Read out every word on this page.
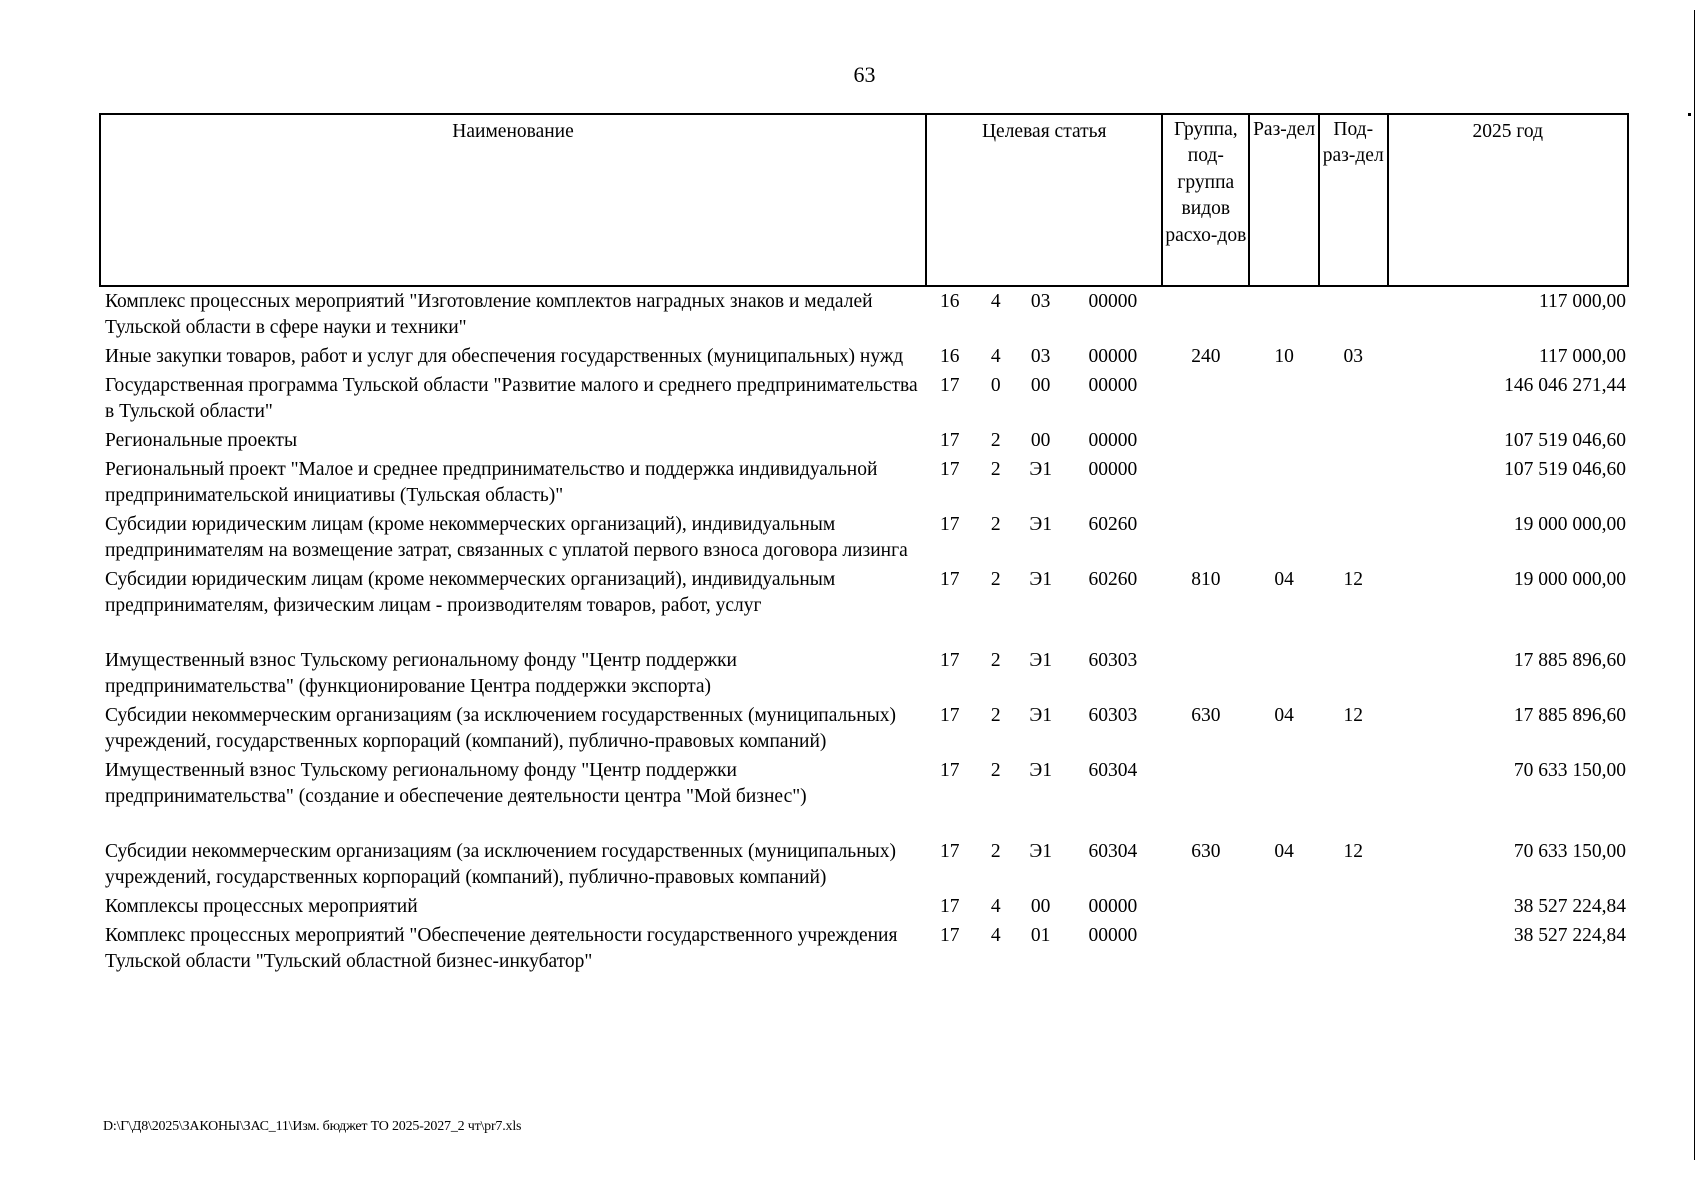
63
Наименование	Целевая статья				Группа, под-группа видов расхо-дов	Раз-дел	Под-раз-дел	2025 год
Комплекс процессных мероприятий "Изготовление комплектов наградных знаков и медалей Тульской области в сфере науки и техники"	16	4	03	00000				117 000,00
Иные закупки товаров, работ и услуг для обеспечения государственных (муниципальных) нужд	16	4	03	00000	240	10	03	117 000,00
Государственная программа Тульской области "Развитие малого и среднего предпринимательства в Тульской области"	17	0	00	00000				146 046 271,44
Региональные проекты	17	2	00	00000				107 519 046,60
Региональный проект "Малое и среднее предпринимательство и поддержка индивидуальной предпринимательской инициативы (Тульская область)"	17	2	Э1	00000				107 519 046,60
Субсидии юридическим лицам (кроме некоммерческих организаций), индивидуальным предпринимателям на возмещение затрат, связанных с уплатой первого взноса договора лизинга	17	2	Э1	60260				19 000 000,00
Субсидии юридическим лицам (кроме некоммерческих организаций), индивидуальным предпринимателям, физическим лицам - производителям товаров, работ, услуг	17	2	Э1	60260	810	04	12	19 000 000,00
Имущественный взнос Тульскому региональному фонду "Центр поддержки предпринимательства" (функционирование Центра поддержки экспорта)	17	2	Э1	60303				17 885 896,60
Субсидии некоммерческим организациям (за исключением государственных (муниципальных) учреждений, государственных корпораций (компаний), публично-правовых компаний)	17	2	Э1	60303	630	04	12	17 885 896,60
Имущественный взнос Тульскому региональному фонду "Центр поддержки предпринимательства" (создание и обеспечение деятельности центра "Мой бизнес")	17	2	Э1	60304				70 633 150,00
Субсидии некоммерческим организациям (за исключением государственных (муниципальных) учреждений, государственных корпораций (компаний), публично-правовых компаний)	17	2	Э1	60304	630	04	12	70 633 150,00
Комплексы процессных мероприятий	17	4	00	00000				38 527 224,84
Комплекс процессных мероприятий "Обеспечение деятельности государственного учреждения Тульской области "Тульский областной бизнес-инкубатор"	17	4	01	00000				38 527 224,84
D:\Г\Д8\2025\ЗАКОНЫ\ЗАС_11\Изм. бюджет ТО 2025-2027_2 чт\pr7.xls
